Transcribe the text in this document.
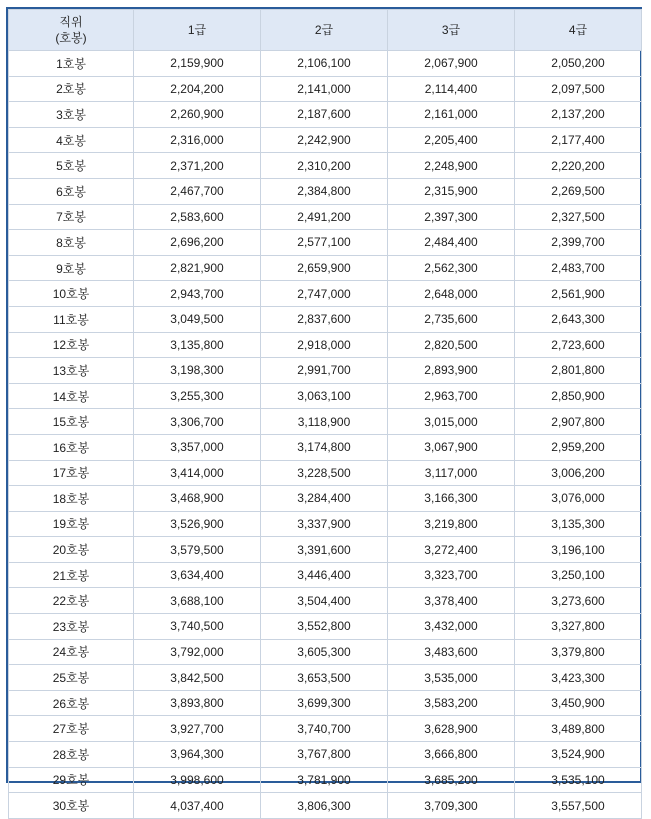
직위
(호봉)	1급	2급	3급	4급
1호봉	2,159,900	2,106,100	2,067,900	2,050,200
2호봉	2,204,200	2,141,000	2,114,400	2,097,500
3호봉	2,260,900	2,187,600	2,161,000	2,137,200
4호봉	2,316,000	2,242,900	2,205,400	2,177,400
5호봉	2,371,200	2,310,200	2,248,900	2,220,200
6호봉	2,467,700	2,384,800	2,315,900	2,269,500
7호봉	2,583,600	2,491,200	2,397,300	2,327,500
8호봉	2,696,200	2,577,100	2,484,400	2,399,700
9호봉	2,821,900	2,659,900	2,562,300	2,483,700
10호봉	2,943,700	2,747,000	2,648,000	2,561,900
11호봉	3,049,500	2,837,600	2,735,600	2,643,300
12호봉	3,135,800	2,918,000	2,820,500	2,723,600
13호봉	3,198,300	2,991,700	2,893,900	2,801,800
14호봉	3,255,300	3,063,100	2,963,700	2,850,900
15호봉	3,306,700	3,118,900	3,015,000	2,907,800
16호봉	3,357,000	3,174,800	3,067,900	2,959,200
17호봉	3,414,000	3,228,500	3,117,000	3,006,200
18호봉	3,468,900	3,284,400	3,166,300	3,076,000
19호봉	3,526,900	3,337,900	3,219,800	3,135,300
20호봉	3,579,500	3,391,600	3,272,400	3,196,100
21호봉	3,634,400	3,446,400	3,323,700	3,250,100
22호봉	3,688,100	3,504,400	3,378,400	3,273,600
23호봉	3,740,500	3,552,800	3,432,000	3,327,800
24호봉	3,792,000	3,605,300	3,483,600	3,379,800
25호봉	3,842,500	3,653,500	3,535,000	3,423,300
26호봉	3,893,800	3,699,300	3,583,200	3,450,900
27호봉	3,927,700	3,740,700	3,628,900	3,489,800
28호봉	3,964,300	3,767,800	3,666,800	3,524,900
29호봉	3,998,600	3,781,900	3,685,200	3,535,100
30호봉	4,037,400	3,806,300	3,709,300	3,557,500
